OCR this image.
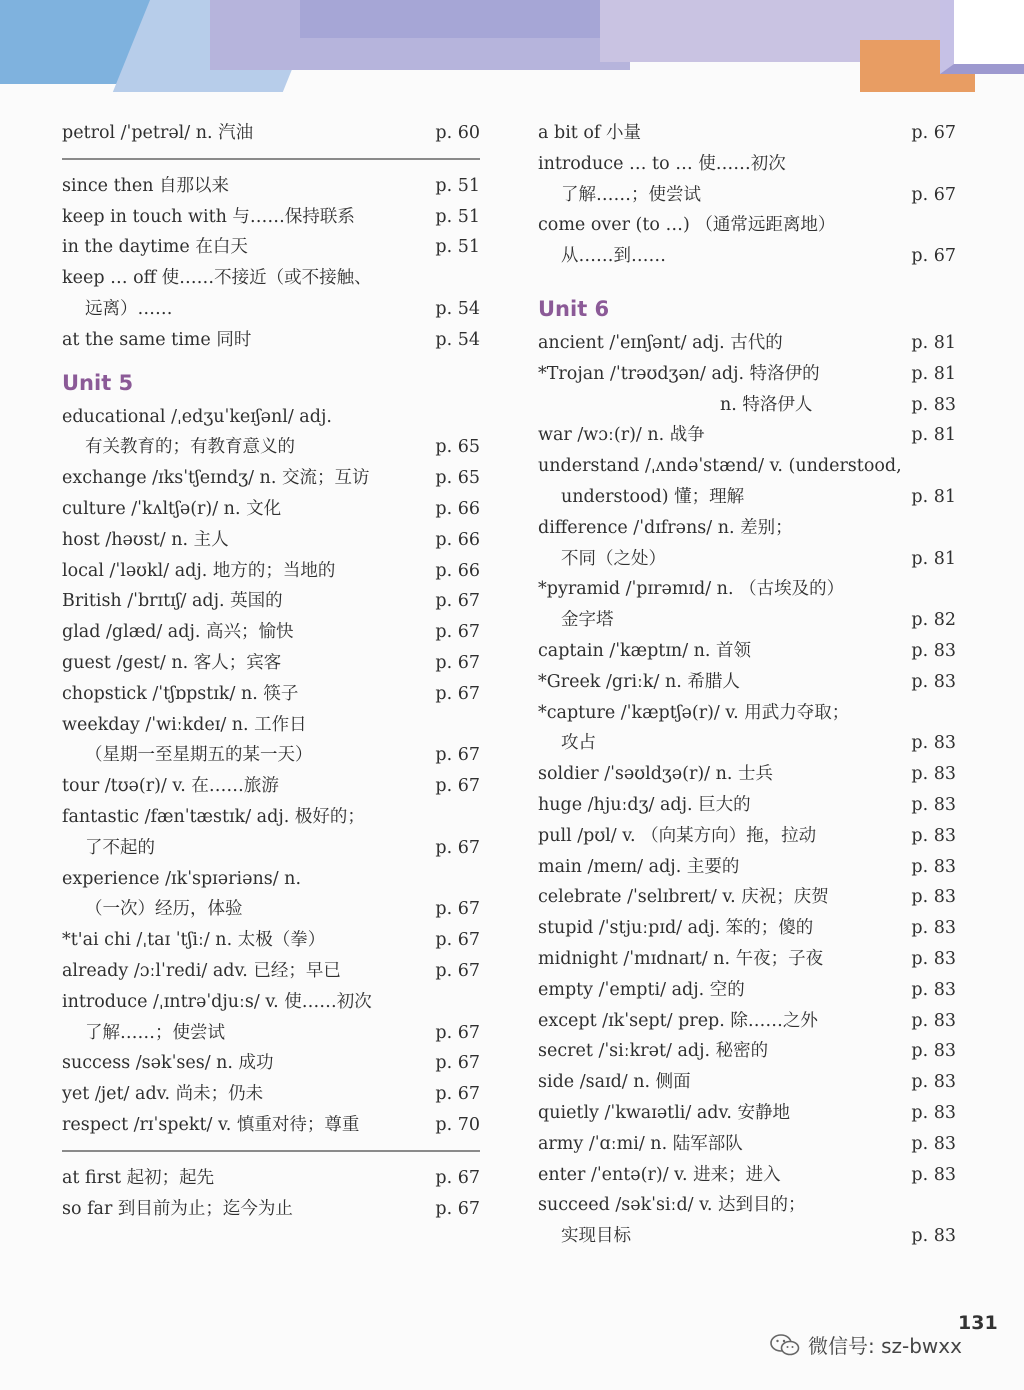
petrol /ˈpetrəl/ n. 汽油	p. 60
since then 自那以来	p. 51
keep in touch with 与……保持联系	p. 51
in the daytime 在白天	p. 51
keep … off 使……不接近（或不接触、
远离）……	p. 54
at the same time 同时	p. 54
Unit 5
educational /ˌedʒuˈkeɪʃənl/ adj.
有关教育的；有教育意义的	p. 65
exchange /ɪksˈtʃeɪndʒ/ n. 交流；互访	p. 65
culture /ˈkʌltʃə(r)/ n. 文化	p. 66
host /həʊst/ n. 主人	p. 66
local /ˈləʊkl/ adj. 地方的；当地的	p. 66
British /ˈbrɪtɪʃ/ adj. 英国的	p. 67
glad /glæd/ adj. 高兴；愉快	p. 67
guest /gest/ n. 客人；宾客	p. 67
chopstick /ˈtʃɒpstɪk/ n. 筷子	p. 67
weekday /ˈwiːkdeɪ/ n. 工作日
（星期一至星期五的某一天）	p. 67
tour /tʊə(r)/ v. 在……旅游	p. 67
fantastic /fænˈtæstɪk/ adj. 极好的；
了不起的	p. 67
experience /ɪkˈspɪəriəns/ n.
（一次）经历，体验	p. 67
*t'ai chi /ˌtaɪ ˈtʃiː/ n. 太极（拳）	p. 67
already /ɔːlˈredi/ adv. 已经；早已	p. 67
introduce /ˌɪntrəˈdjuːs/ v. 使……初次
了解……；使尝试	p. 67
success /səkˈses/ n. 成功	p. 67
yet /jet/ adv. 尚未；仍未	p. 67
respect /rɪˈspekt/ v. 慎重对待；尊重	p. 70
at first 起初；起先	p. 67
so far 到目前为止；迄今为止	p. 67
a bit of 小量	p. 67
introduce … to … 使……初次
了解……；使尝试	p. 67
come over (to …) （通常远距离地）
从……到……	p. 67
Unit 6
ancient /ˈeɪnʃənt/ adj. 古代的	p. 81
*Trojan /ˈtrəʊdʒən/ adj. 特洛伊的	p. 81
n. 特洛伊人	p. 83
war /wɔː(r)/ n. 战争	p. 81
understand /ˌʌndəˈstænd/ v. (understood,
understood) 懂；理解	p. 81
difference /ˈdɪfrəns/ n. 差别；
不同（之处）	p. 81
*pyramid /ˈpɪrəmɪd/ n. （古埃及的）
金字塔	p. 82
captain /ˈkæptɪn/ n. 首领	p. 83
*Greek /griːk/ n. 希腊人	p. 83
*capture /ˈkæptʃə(r)/ v. 用武力夺取；
攻占	p. 83
soldier /ˈsəʊldʒə(r)/ n. 士兵	p. 83
huge /hjuːdʒ/ adj. 巨大的	p. 83
pull /pʊl/ v. （向某方向）拖，拉动	p. 83
main /meɪn/ adj. 主要的	p. 83
celebrate /ˈselɪbreɪt/ v. 庆祝；庆贺	p. 83
stupid /ˈstjuːpɪd/ adj. 笨的；傻的	p. 83
midnight /ˈmɪdnaɪt/ n. 午夜；子夜	p. 83
empty /ˈempti/ adj. 空的	p. 83
except /ɪkˈsept/ prep. 除……之外	p. 83
secret /ˈsiːkrət/ adj. 秘密的	p. 83
side /saɪd/ n. 侧面	p. 83
quietly /ˈkwaɪətli/ adv. 安静地	p. 83
army /ˈɑːmi/ n. 陆军部队	p. 83
enter /ˈentə(r)/ v. 进来；进入	p. 83
succeed /səkˈsiːd/ v. 达到目的；
实现目标	p. 83
131
微信号: sz-bwxx
